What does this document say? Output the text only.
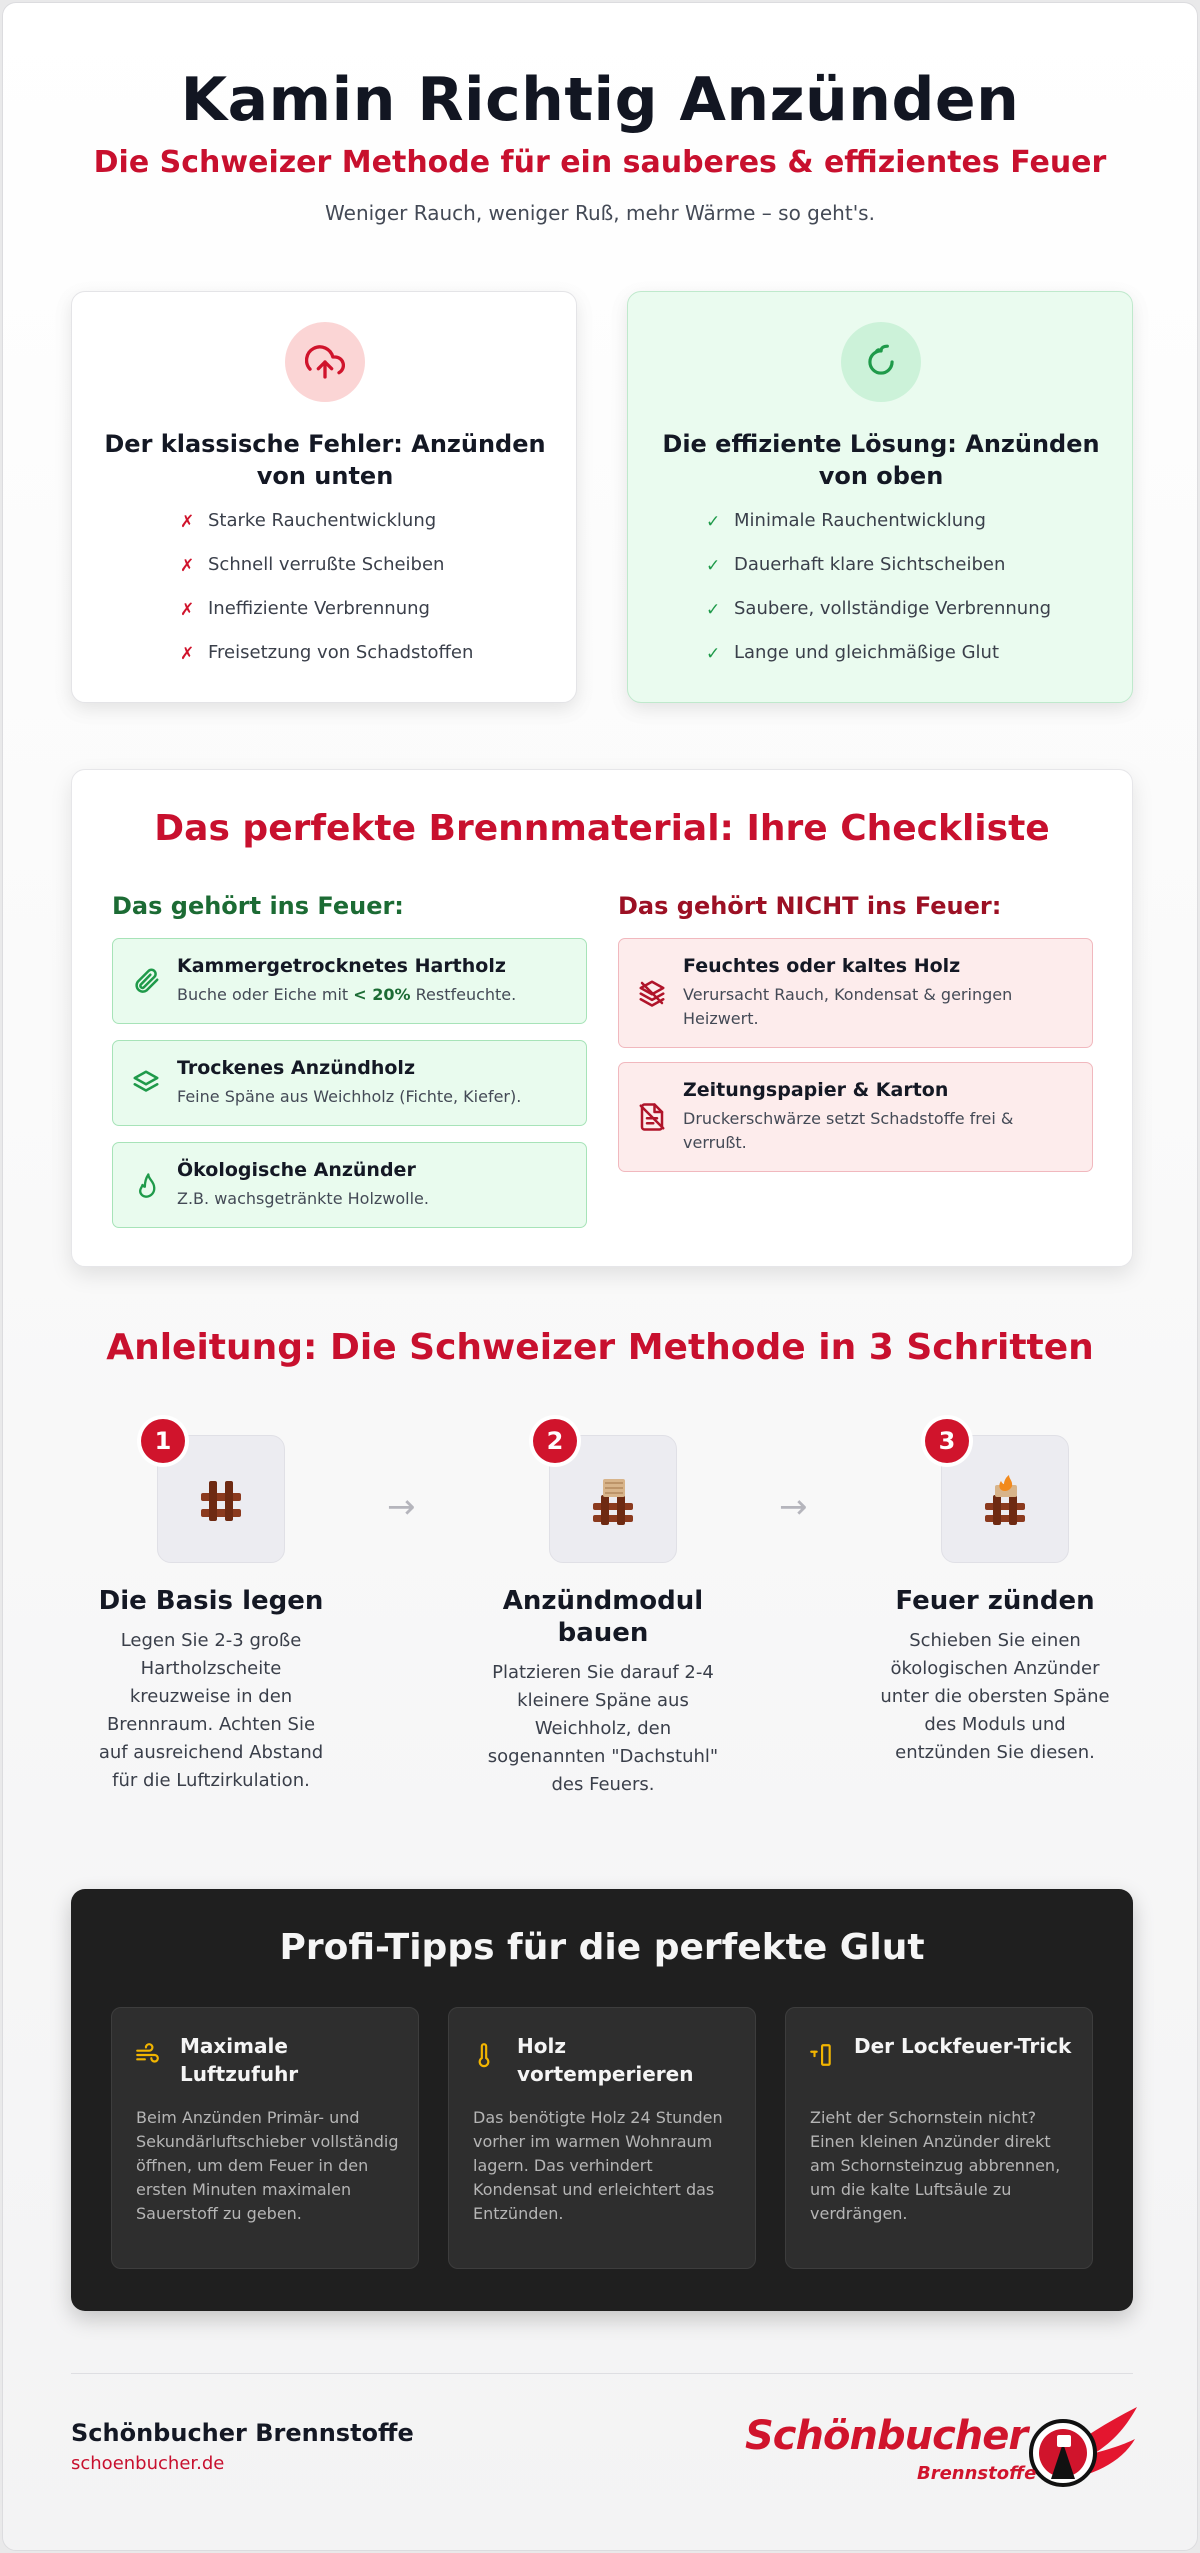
Kamin Richtig Anzünden
Die Schweizer Methode für ein sauberes & effizientes Feuer
Weniger Rauch, weniger Ruß, mehr Wärme – so geht's.
Der klassische Fehler: Anzünden von unten
✗ Starke Rauchentwicklung
✗ Schnell verrußte Scheiben
✗ Ineffiziente Verbrennung
✗ Freisetzung von Schadstoffen
Die effiziente Lösung: Anzünden von oben
✓ Minimale Rauchentwicklung
✓ Dauerhaft klare Sichtscheiben
✓ Saubere, vollständige Verbrennung
✓ Lange und gleichmäßige Glut
Das perfekte Brennmaterial: Ihre Checkliste
Das gehört ins Feuer:	Das gehört NICHT ins Feuer:
Kammergetrocknetes Hartholz
Buche oder Eiche mit < 20% Restfeuchte.
Trockenes Anzündholz
Feine Späne aus Weichholz (Fichte, Kiefer).
Ökologische Anzünder
Z.B. wachsgetränkte Holzwolle.
Feuchtes oder kaltes Holz
Verursacht Rauch, Kondensat & geringen Heizwert.
Zeitungspapier & Karton
Druckerschwärze setzt Schadstoffe frei & verrußt.
Anleitung: Die Schweizer Methode in 3 Schritten
1
Die Basis legen
Legen Sie 2-3 große Hartholzscheite kreuzweise in den Brennraum. Achten Sie auf ausreichend Abstand für die Luftzirkulation.
→
2
Anzündmodul bauen
Platzieren Sie darauf 2-4 kleinere Späne aus Weichholz, den sogenannten "Dachstuhl" des Feuers.
→
3
Feuer zünden
Schieben Sie einen ökologischen Anzünder unter die obersten Späne des Moduls und entzünden Sie diesen.
Profi-Tipps für die perfekte Glut
Maximale Luftzufuhr
Beim Anzünden Primär- und Sekundärluftschieber vollständig öffnen, um dem Feuer in den ersten Minuten maximalen Sauerstoff zu geben.
Holz vortemperieren
Das benötigte Holz 24 Stunden vorher im warmen Wohnraum lagern. Das verhindert Kondensat und erleichtert das Entzünden.
Der Lockfeuer-Trick
Zieht der Schornstein nicht? Einen kleinen Anzünder direkt am Schornsteinzug abbrennen, um die kalte Luftsäule zu verdrängen.
Schönbucher Brennstoffe
schoenbucher.de
Schönbucher
Brennstoffe
